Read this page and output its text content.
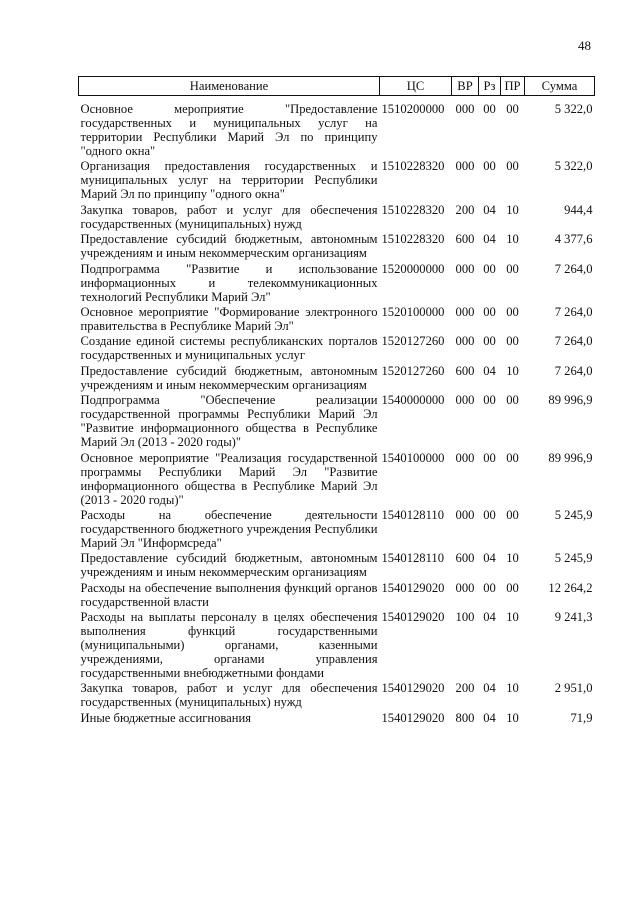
48
Наименование	ЦС	ВР	Рз	ПР	Сумма

Основное мероприятие "Предоставление государственных и муниципальных услуг на территории Республики Марий Эл по принципу "одного окна"	1510200000	000	00	00	5 322,0
Организация предоставления государственных и муниципальных услуг на территории Республики Марий Эл по принципу "одного окна"	1510228320	000	00	00	5 322,0
Закупка товаров, работ и услуг для обеспечения государственных (муниципальных) нужд	1510228320	200	04	10	944,4
Предоставление субсидий бюджетным, автономным учреждениям и иным некоммерческим организациям	1510228320	600	04	10	4 377,6
Подпрограмма "Развитие и использование информационных и телекоммуникационных технологий Республики Марий Эл"	1520000000	000	00	00	7 264,0
Основное мероприятие "Формирование электронного правительства в Республике Марий Эл"	1520100000	000	00	00	7 264,0
Создание единой системы республиканских порталов государственных и муниципальных услуг	1520127260	000	00	00	7 264,0
Предоставление субсидий бюджетным, автономным учреждениям и иным некоммерческим организациям	1520127260	600	04	10	7 264,0
Подпрограмма "Обеспечение реализации государственной программы Республики Марий Эл "Развитие информационного общества в Республике Марий Эл (2013 - 2020 годы)"	1540000000	000	00	00	89 996,9
Основное мероприятие "Реализация государственной программы Республики Марий Эл "Развитие информационного общества в Республике Марий Эл (2013 - 2020 годы)"	1540100000	000	00	00	89 996,9
Расходы на обеспечение деятельности государственного бюджетного учреждения Республики Марий Эл "Информсреда"	1540128110	000	00	00	5 245,9
Предоставление субсидий бюджетным, автономным учреждениям и иным некоммерческим организациям	1540128110	600	04	10	5 245,9
Расходы на обеспечение выполнения функций органов государственной власти	1540129020	000	00	00	12 264,2
Расходы на выплаты персоналу в целях обеспечения выполнения функций государственными (муниципальными) органами, казенными учреждениями, органами управления государственными внебюджетными фондами	1540129020	100	04	10	9 241,3
Закупка товаров, работ и услуг для обеспечения государственных (муниципальных) нужд	1540129020	200	04	10	2 951,0
Иные бюджетные ассигнования	1540129020	800	04	10	71,9
